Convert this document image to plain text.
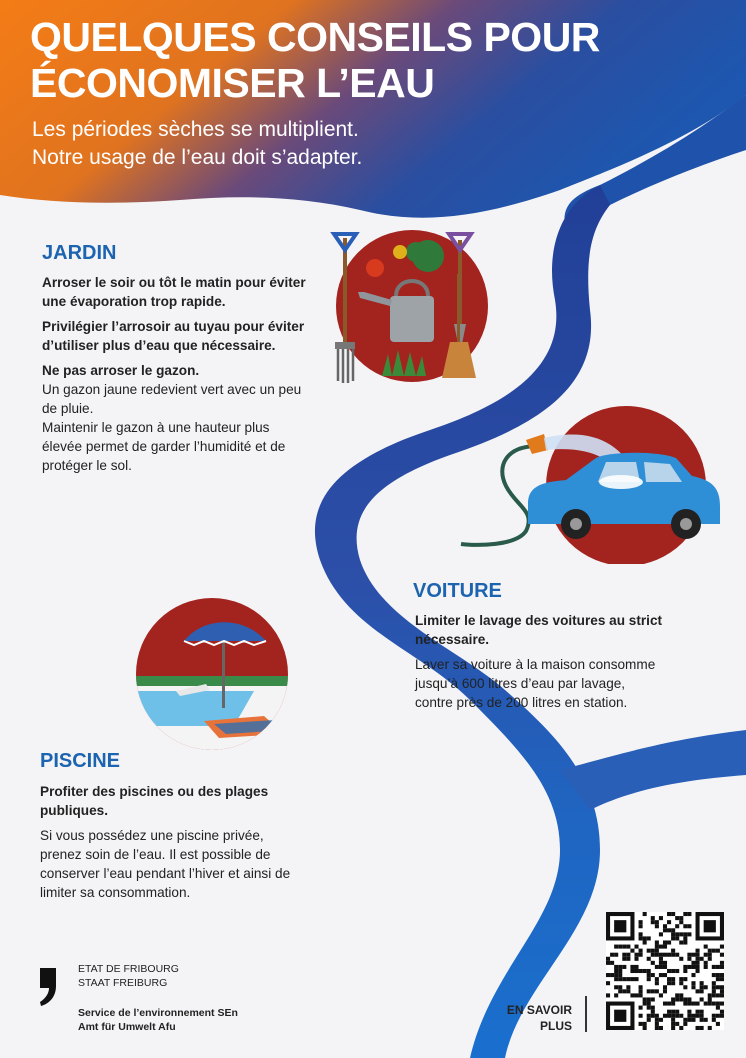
QUELQUES CONSEILS POUR
ÉCONOMISER L’EAU
Les périodes sèches se multiplient.
Notre usage de l’eau doit s’adapter.
JARDIN

Arroser le soir ou tôt le matin pour éviter une évaporation trop rapide.

Privilégier l’arrosoir au tuyau pour éviter d’utiliser plus d’eau que nécessaire.

Ne pas arroser le gazon.

Un gazon jaune redevient vert avec un peu de pluie.

Maintenir le gazon à une hauteur plus élevée permet de garder l’humidité et de protéger le sol.

VOITURE

Limiter le lavage des voitures au strict nécessaire.

Laver sa voiture à la maison consomme jusqu’à 600 litres d’eau par lavage, contre près de 200 litres en station.

PISCINE

Profiter des piscines ou des plages publiques.

Si vous possédez une piscine privée, prenez soin de l’eau. Il est possible de conserver l’eau pendant l’hiver et ainsi de limiter sa consommation.

ETAT DE FRIBOURG
STAAT FREIBURG
Service de l’environnement SEn
Amt für Umwelt Afu
EN SAVOIR
PLUS
